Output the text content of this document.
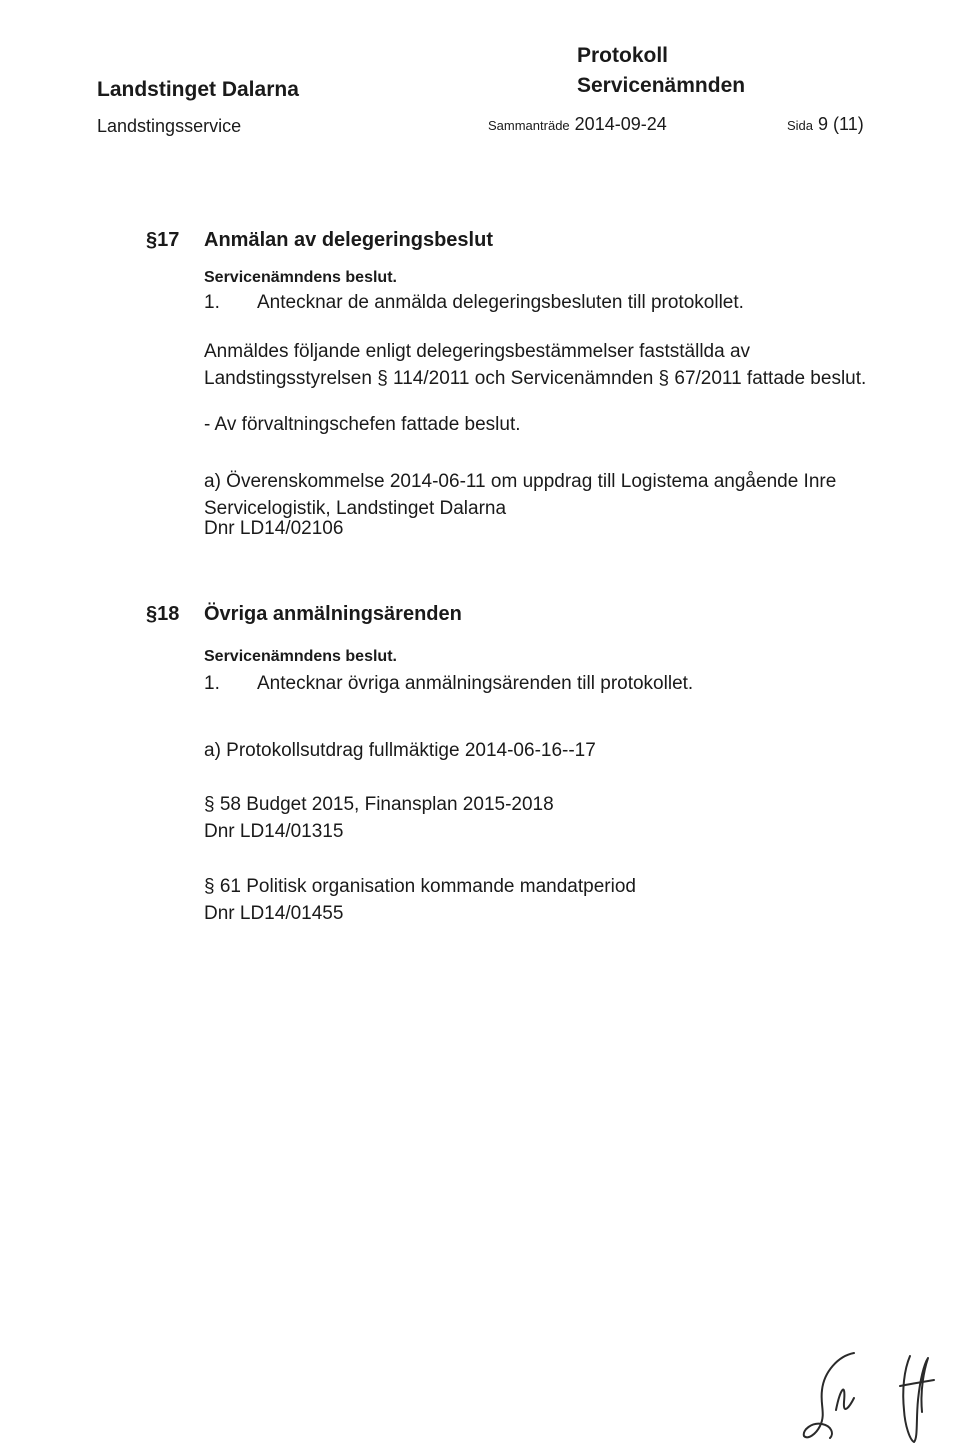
Landstinget Dalarna
Landstingsservice
Protokoll
Servicenämnden
Sammanträde 2014-09-24	Sida 9 (11)
§17 Anmälan av delegeringsbeslut
Servicenämndens beslut.
1. Antecknar de anmälda delegeringsbesluten till protokollet.
Anmäldes följande enligt delegeringsbestämmelser fastställda av Landstingsstyrelsen § 114/2011 och Servicenämnden § 67/2011 fattade beslut.
- Av förvaltningschefen fattade beslut.
a) Överenskommelse 2014-06-11 om uppdrag till Logistema angående Inre Servicelogistik, Landstinget Dalarna
Dnr LD14/02106
§18 Övriga anmälningsärenden
Servicenämndens beslut.
1. Antecknar övriga anmälningsärenden till protokollet.
a) Protokollsutdrag fullmäktige 2014-06-16--17
§ 58 Budget 2015, Finansplan 2015-2018
Dnr LD14/01315
§ 61 Politisk organisation kommande mandatperiod
Dnr LD14/01455
